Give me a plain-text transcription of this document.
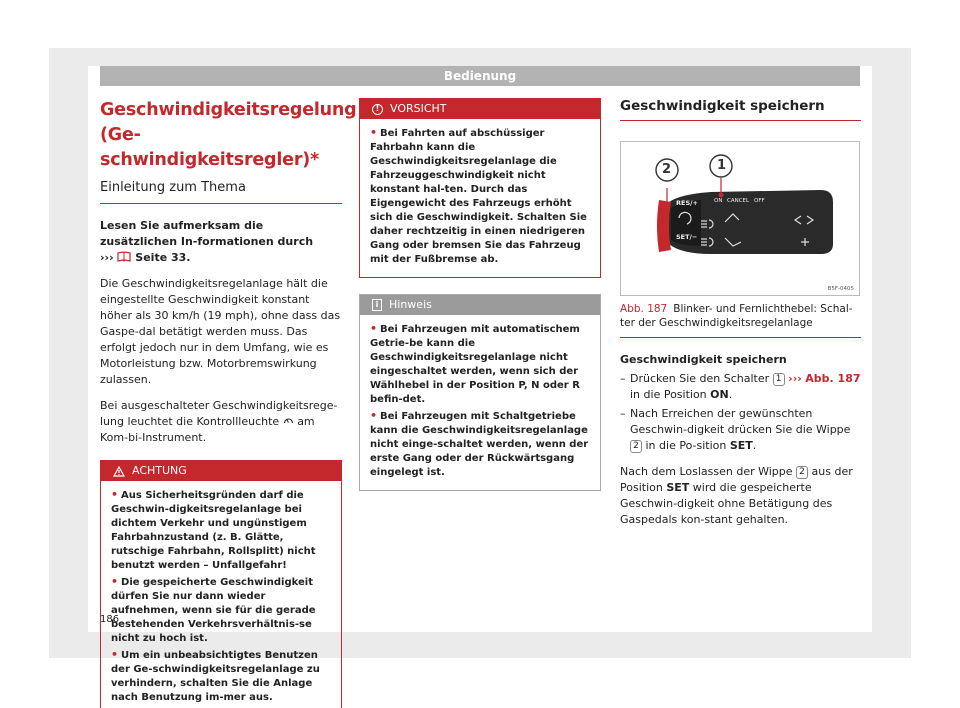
Bedienung
Geschwindigkeitsregelung (Ge-schwindigkeitsregler)*
Einleitung zum Thema

Lesen Sie aufmerksam die zusätzlichen In-formationen durch ››› Seite 33.

Die Geschwindigkeitsregelanlage hält die eingestellte Geschwindigkeit konstant höher als 30 km/h (19 mph), ohne dass das Gaspe-dal betätigt werden muss. Das erfolgt jedoch nur in dem Umfang, wie es Motorleistung bzw. Motorbremswirkung zulassen.

Bei ausgeschalteter Geschwindigkeitsrege-lung leuchtet die Kontrollleuchte am Kom-bi-Instrument.

ACHTUNG
• Aus Sicherheitsgründen darf die Geschwin-digkeitsregelanlage bei dichtem Verkehr und ungünstigem Fahrbahnzustand (z. B. Glätte, rutschige Fahrbahn, Rollsplitt) nicht benutzt werden – Unfallgefahr!
• Die gespeicherte Geschwindigkeit dürfen Sie nur dann wieder aufnehmen, wenn sie für die gerade bestehenden Verkehrsverhältnis-se nicht zu hoch ist.
• Um ein unbeabsichtigtes Benutzen der Ge-schwindigkeitsregelanlage zu verhindern, schalten Sie die Anlage nach Benutzung im-mer aus.
! VORSICHT
• Bei Fahrten auf abschüssiger Fahrbahn kann die Geschwindigkeitsregelanlage die Fahrzeuggeschwindigkeit nicht konstant hal-ten. Durch das Eigengewicht des Fahrzeugs erhöht sich die Geschwindigkeit. Schalten Sie daher rechtzeitig in einen niedrigeren Gang oder bremsen Sie das Fahrzeug mit der Fußbremse ab.
i Hinweis
• Bei Fahrzeugen mit automatischem Getrie-be kann die Geschwindigkeitsregelanlage nicht eingeschaltet werden, wenn sich der Wählhebel in der Position P, N oder R befin-det.
• Bei Fahrzeugen mit Schaltgetriebe kann die Geschwindigkeitsregelanlage nicht einge-schaltet werden, wenn der erste Gang oder der Rückwärtsgang eingelegt ist.
Geschwindigkeit speichern
2	1
RES/+
SET/−
ON CANCEL OFF
B5F-0405
Abb. 187 Blinker- und Fernlichthebel: Schal-ter der Geschwindigkeitsregelanlage

Geschwindigkeit speichern

– Drücken Sie den Schalter 1 ››› Abb. 187 in die Position ON.
– Nach Erreichen der gewünschten Geschwin-digkeit drücken Sie die Wippe 2 in die Po-sition SET.

Nach dem Loslassen der Wippe 2 aus der Position SET wird die gespeicherte Geschwin-digkeit ohne Betätigung des Gaspedals kon-stant gehalten.

186
